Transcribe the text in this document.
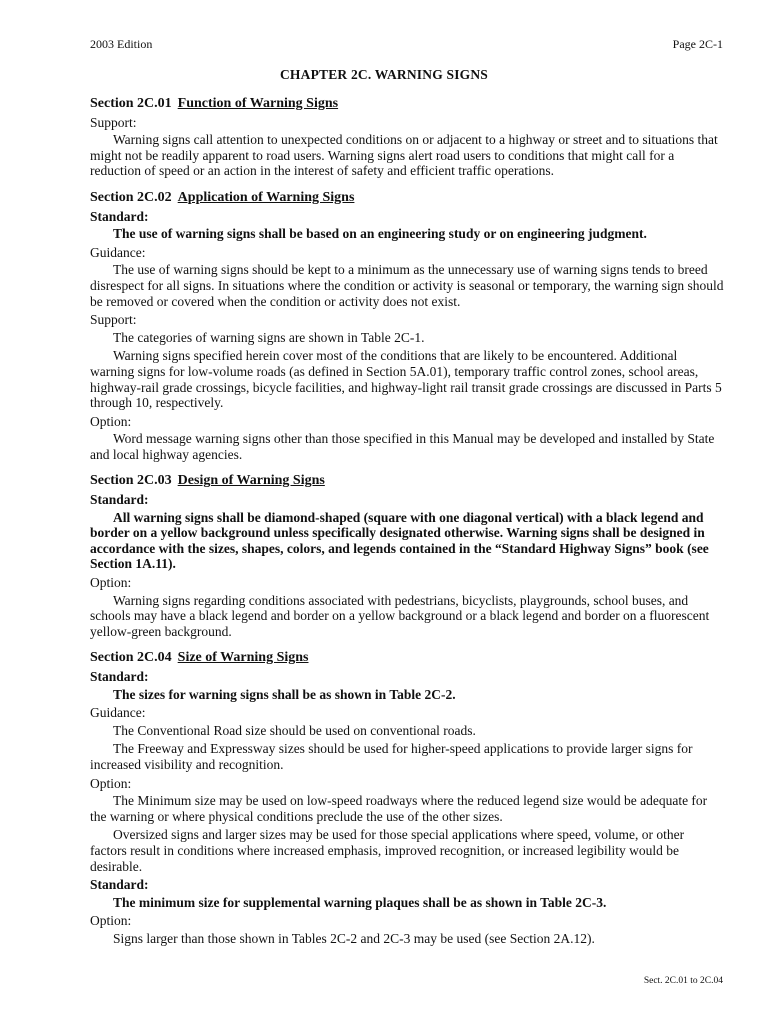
2003 Edition	Page 2C-1
CHAPTER 2C. WARNING SIGNS
Section 2C.01 Function of Warning Signs
Support:

Warning signs call attention to unexpected conditions on or adjacent to a highway or street and to situations that might not be readily apparent to road users. Warning signs alert road users to conditions that might call for a reduction of speed or an action in the interest of safety and efficient traffic operations.

Section 2C.02 Application of Warning Signs
Standard:

The use of warning signs shall be based on an engineering study or on engineering judgment.

Guidance:

The use of warning signs should be kept to a minimum as the unnecessary use of warning signs tends to breed disrespect for all signs. In situations where the condition or activity is seasonal or temporary, the warning sign should be removed or covered when the condition or activity does not exist.

Support:

The categories of warning signs are shown in Table 2C-1.

Warning signs specified herein cover most of the conditions that are likely to be encountered. Additional warning signs for low-volume roads (as defined in Section 5A.01), temporary traffic control zones, school areas, highway-rail grade crossings, bicycle facilities, and highway-light rail transit grade crossings are discussed in Parts 5 through 10, respectively.

Option:

Word message warning signs other than those specified in this Manual may be developed and installed by State and local highway agencies.

Section 2C.03 Design of Warning Signs
Standard:

All warning signs shall be diamond-shaped (square with one diagonal vertical) with a black legend and border on a yellow background unless specifically designated otherwise. Warning signs shall be designed in accordance with the sizes, shapes, colors, and legends contained in the “Standard Highway Signs” book (see Section 1A.11).

Option:

Warning signs regarding conditions associated with pedestrians, bicyclists, playgrounds, school buses, and schools may have a black legend and border on a yellow background or a black legend and border on a fluorescent yellow-green background.

Section 2C.04 Size of Warning Signs
Standard:

The sizes for warning signs shall be as shown in Table 2C-2.

Guidance:

The Conventional Road size should be used on conventional roads.

The Freeway and Expressway sizes should be used for higher-speed applications to provide larger signs for increased visibility and recognition.

Option:

The Minimum size may be used on low-speed roadways where the reduced legend size would be adequate for the warning or where physical conditions preclude the use of the other sizes.

Oversized signs and larger sizes may be used for those special applications where speed, volume, or other factors result in conditions where increased emphasis, improved recognition, or increased legibility would be desirable.

Standard:

The minimum size for supplemental warning plaques shall be as shown in Table 2C-3.

Option:

Signs larger than those shown in Tables 2C-2 and 2C-3 may be used (see Section 2A.12).

Sect. 2C.01 to 2C.04
